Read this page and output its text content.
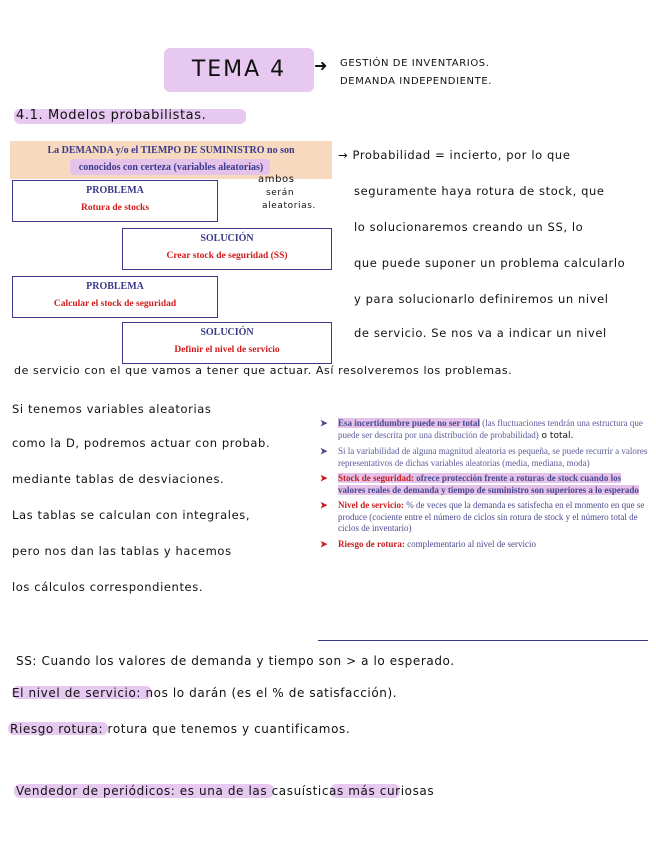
TEMA 4	➜ GESTIÓN DE INVENTARIOS.
DEMANDA INDEPENDIENTE.
4.1. Modelos probabilistas.
La DEMANDA y/o el TIEMPO DE SUMINISTRO no son
conocidos con certeza (variables aleatorias)
ambos
serán
aleatorias.
PROBLEMA
Rotura de stocks
SOLUCIÓN
Crear stock de seguridad (SS)
PROBLEMA
Calcular el stock de seguridad
SOLUCIÓN
Definir el nivel de servicio
→ Probabilidad = incierto, por lo que
seguramente haya rotura de stock, que
lo solucionaremos creando un SS, lo
que puede suponer un problema calcularlo
y para solucionarlo definiremos un nivel
de servicio. Se nos va a indicar un nivel
de servicio con el que vamos a tener que actuar. Así resolveremos los problemas.
Si tenemos variables aleatorias
como la D, podremos actuar con probab.
mediante tablas de desviaciones.
Las tablas se calculan con integrales,
pero nos dan las tablas y hacemos
los cálculos correspondientes.
➤ Esa incertidumbre puede no ser total (las fluctuaciones tendrán una estructura que puede ser descrita por una distribución de probabilidad) o total.
➤ Si la variabilidad de alguna magnitud aleatoria es pequeña, se puede recurrir a valores representativos de dichas variables aleatorias (media, mediana, moda)
➤ Stock de seguridad: ofrece protección frente a roturas de stock cuando los valores reales de demanda y tiempo de suministro son superiores a lo esperado
➤ Nivel de servicio: % de veces que la demanda es satisfecha en el momento en que se produce (cociente entre el número de ciclos sin rotura de stock y el número total de ciclos de inventario)
➤ Riesgo de rotura: complementario al nivel de servicio
SS: Cuando los valores de demanda y tiempo son > a lo esperado.
El nivel de servicio: nos lo darán (es el % de satisfacción).
Riesgo rotura: rotura que tenemos y cuantificamos.
Vendedor de periódicos: es una de las casuísticas más curiosas
